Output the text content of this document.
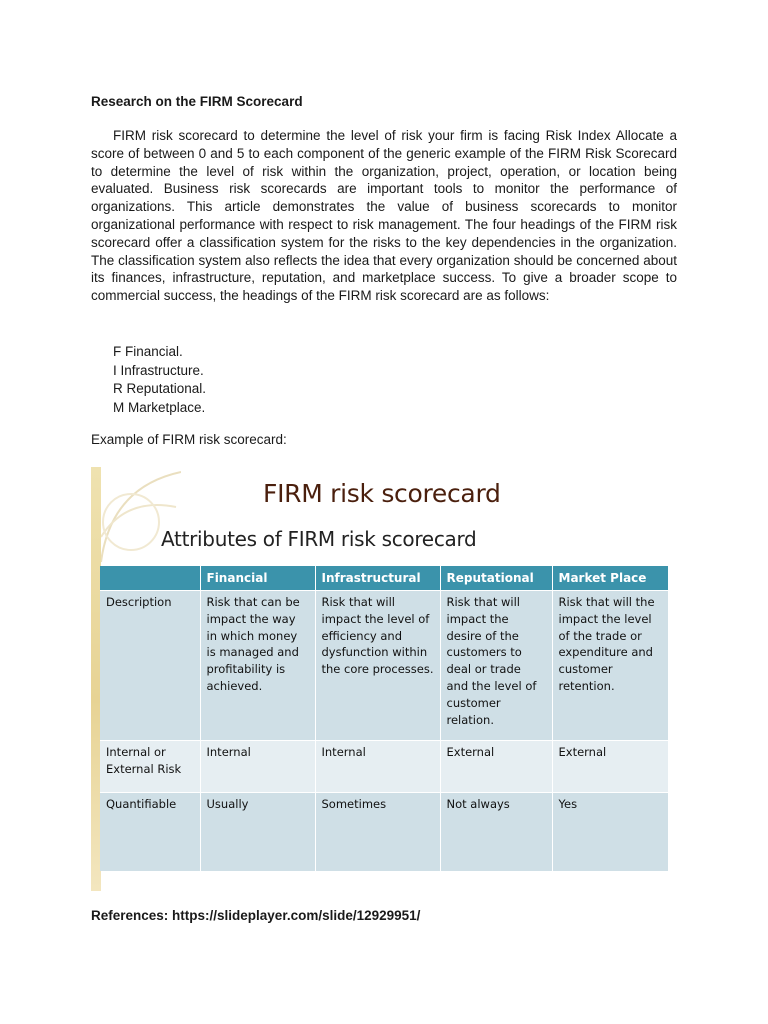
Research on the FIRM Scorecard

FIRM risk scorecard to determine the level of risk your firm is facing Risk Index Allocate a score of between 0 and 5 to each component of the generic example of the FIRM Risk Scorecard to determine the level of risk within the organization, project, operation, or location being evaluated. Business risk scorecards are important tools to monitor the performance of organizations. This article demonstrates the value of business scorecards to monitor organizational performance with respect to risk management. The four headings of the FIRM risk scorecard offer a classification system for the risks to the key dependencies in the organization. The classification system also reflects the idea that every organization should be concerned about its finances, infrastructure, reputation, and marketplace success. To give a broader scope to commercial success, the headings of the FIRM risk scorecard are as follows:

F Financial.
I Infrastructure.
R Reputational.
M Marketplace.
Example of FIRM risk scorecard:
FIRM risk scorecard
Attributes of FIRM risk scorecard
	Financial	Infrastructural	Reputational	Market Place
Description	Risk that can be impact the way in which money is managed and profitability is achieved.	Risk that will impact the level of efficiency and dysfunction within the core processes.	Risk that will impact the desire of the customers to deal or trade and the level of customer relation.	Risk that will the impact the level of the trade or expenditure and customer retention.
Internal or External Risk	Internal	Internal	External	External
Quantifiable	Usually	Sometimes	Not always	Yes
References: https://slideplayer.com/slide/12929951/
